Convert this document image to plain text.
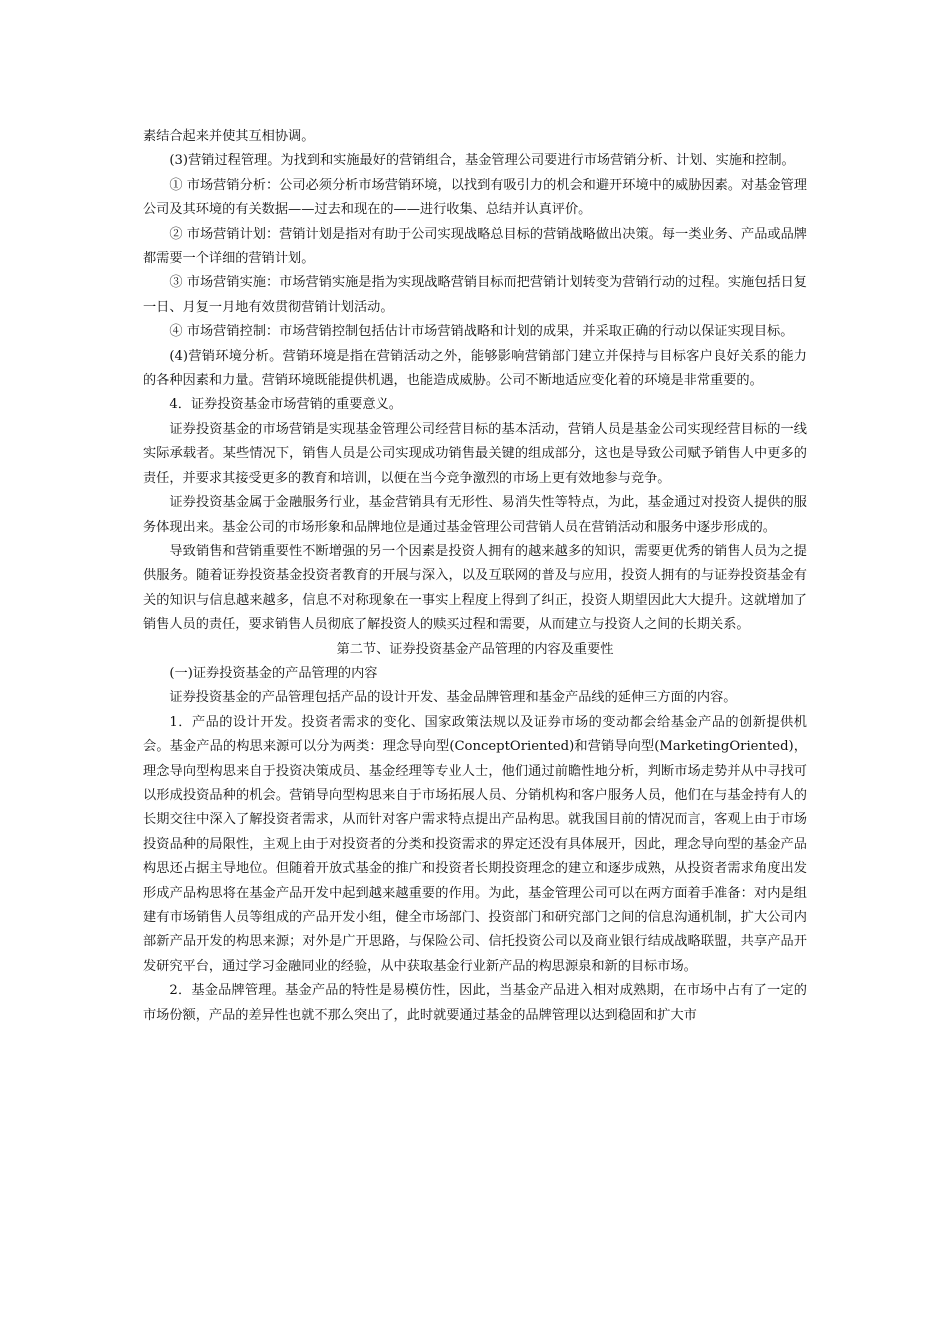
素结合起来并使其互相协调。

(3)营销过程管理。为找到和实施最好的营销组合，基金管理公司要进行市场营销分析、计划、实施和控制。

① 市场营销分析：公司必须分析市场营销环境，以找到有吸引力的机会和避开环境中的威胁因素。对基金管理公司及其环境的有关数据——过去和现在的——进行收集、总结并认真评价。

② 市场营销计划：营销计划是指对有助于公司实现战略总目标的营销战略做出决策。每一类业务、产品或品牌都需要一个详细的营销计划。

③ 市场营销实施：市场营销实施是指为实现战略营销目标而把营销计划转变为营销行动的过程。实施包括日复一日、月复一月地有效贯彻营销计划活动。

④ 市场营销控制：市场营销控制包括估计市场营销战略和计划的成果，并采取正确的行动以保证实现目标。

(4)营销环境分析。营销环境是指在营销活动之外，能够影响营销部门建立并保持与目标客户良好关系的能力的各种因素和力量。营销环境既能提供机遇，也能造成威胁。公司不断地适应变化着的环境是非常重要的。

4．证券投资基金市场营销的重要意义。

证券投资基金的市场营销是实现基金管理公司经营目标的基本活动，营销人员是基金公司实现经营目标的一线实际承载者。某些情况下，销售人员是公司实现成功销售最关键的组成部分，这也是导致公司赋予销售人中更多的责任，并要求其接受更多的教育和培训，以便在当今竞争激烈的市场上更有效地参与竞争。

证券投资基金属于金融服务行业，基金营销具有无形性、易消失性等特点，为此，基金通过对投资人提供的服务体现出来。基金公司的市场形象和品牌地位是通过基金管理公司营销人员在营销活动和服务中逐步形成的。

导致销售和营销重要性不断增强的另一个因素是投资人拥有的越来越多的知识，需要更优秀的销售人员为之提供服务。随着证券投资基金投资者教育的开展与深入，以及互联网的普及与应用，投资人拥有的与证券投资基金有关的知识与信息越来越多，信息不对称现象在一事实上程度上得到了纠正，投资人期望因此大大提升。这就增加了销售人员的责任，要求销售人员彻底了解投资人的赎买过程和需要，从而建立与投资人之间的长期关系。

第二节、证券投资基金产品管理的内容及重要性

(一)证券投资基金的产品管理的内容

证券投资基金的产品管理包括产品的设计开发、基金品牌管理和基金产品线的延伸三方面的内容。

1．产品的设计开发。投资者需求的变化、国家政策法规以及证券市场的变动都会给基金产品的创新提供机会。基金产品的构思来源可以分为两类：理念导向型(ConceptOriented)和营销导向型(MarketingOriented)，理念导向型构思来自于投资决策成员、基金经理等专业人士，他们通过前瞻性地分析，判断市场走势并从中寻找可以形成投资品种的机会。营销导向型构思来自于市场拓展人员、分销机构和客户服务人员，他们在与基金持有人的长期交往中深入了解投资者需求，从而针对客户需求特点提出产品构思。就我国目前的情况而言，客观上由于市场投资品种的局限性，主观上由于对投资者的分类和投资需求的界定还没有具体展开，因此，理念导向型的基金产品构思还占据主导地位。但随着开放式基金的推广和投资者长期投资理念的建立和逐步成熟，从投资者需求角度出发形成产品构思将在基金产品开发中起到越来越重要的作用。为此，基金管理公司可以在两方面着手准备：对内是组建有市场销售人员等组成的产品开发小组，健全市场部门、投资部门和研究部门之间的信息沟通机制，扩大公司内部新产品开发的构思来源；对外是广开思路，与保险公司、信托投资公司以及商业银行结成战略联盟，共享产品开发研究平台，通过学习金融同业的经验，从中获取基金行业新产品的构思源泉和新的目标市场。

2．基金品牌管理。基金产品的特性是易模仿性，因此，当基金产品进入相对成熟期，在市场中占有了一定的市场份额，产品的差异性也就不那么突出了，此时就要通过基金的品牌管理以达到稳固和扩大市
